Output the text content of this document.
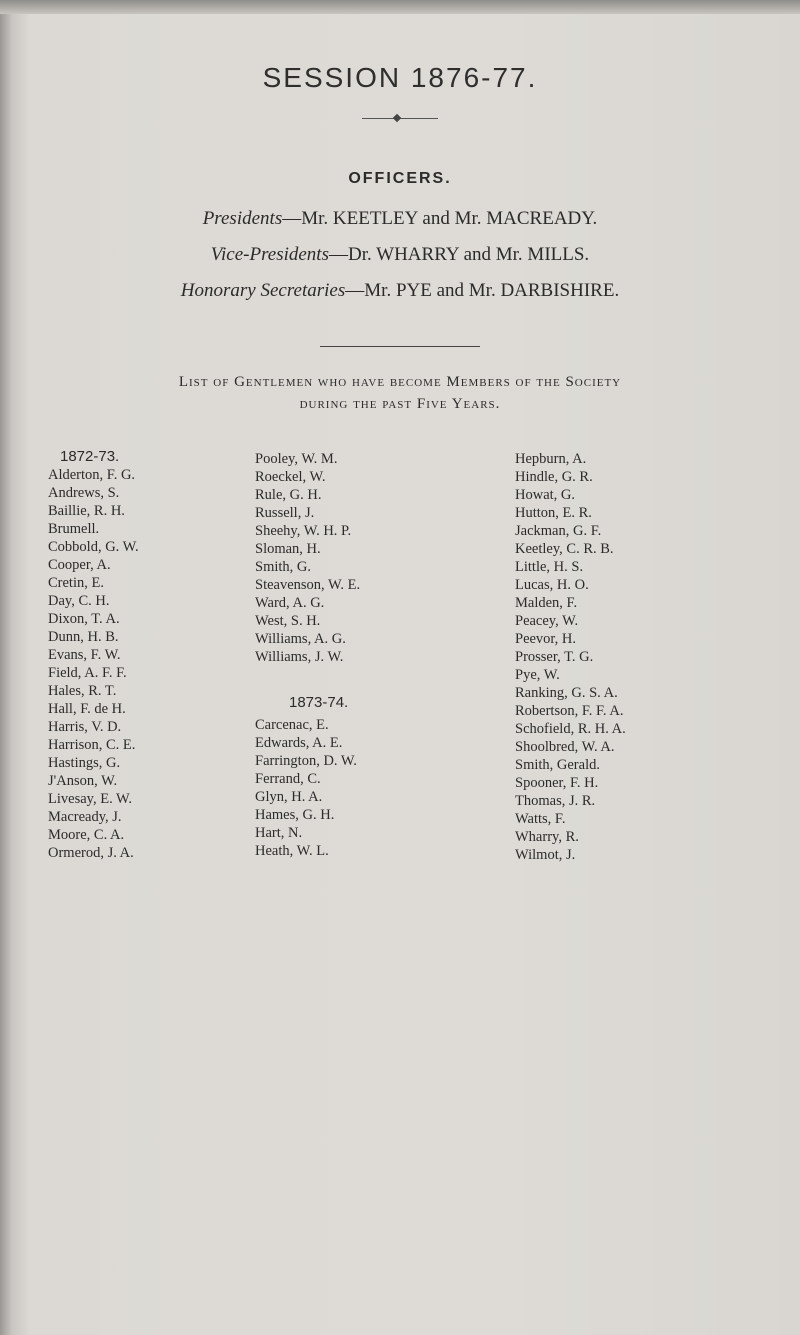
SESSION 1876-77.
OFFICERS.
Presidents—Mr. KEETLEY and Mr. MACREADY.
Vice-Presidents—Dr. WHARRY and Mr. MILLS.
Honorary Secretaries—Mr. PYE and Mr. DARBISHIRE.
List of Gentlemen who have become Members of the Society
during the past Five Years.
1872-73.
Alderton, F. G.
Andrews, S.
Baillie, R. H.
Brumell.
Cobbold, G. W.
Cooper, A.
Cretin, E.
Day, C. H.
Dixon, T. A.
Dunn, H. B.
Evans, F. W.
Field, A. F. F.
Hales, R. T.
Hall, F. de H.
Harris, V. D.
Harrison, C. E.
Hastings, G.
J'Anson, W.
Livesay, E. W.
Macready, J.
Moore, C. A.
Ormerod, J. A.
Pooley, W. M.
Roeckel, W.
Rule, G. H.
Russell, J.
Sheehy, W. H. P.
Sloman, H.
Smith, G.
Steavenson, W. E.
Ward, A. G.
West, S. H.
Williams, A. G.
Williams, J. W.
1873-74.
Carcenac, E.
Edwards, A. E.
Farrington, D. W.
Ferrand, C.
Glyn, H. A.
Hames, G. H.
Hart, N.
Heath, W. L.
Hepburn, A.
Hindle, G. R.
Howat, G.
Hutton, E. R.
Jackman, G. F.
Keetley, C. R. B.
Little, H. S.
Lucas, H. O.
Malden, F.
Peacey, W.
Peevor, H.
Prosser, T. G.
Pye, W.
Ranking, G. S. A.
Robertson, F. F. A.
Schofield, R. H. A.
Shoolbred, W. A.
Smith, Gerald.
Spooner, F. H.
Thomas, J. R.
Watts, F.
Wharry, R.
Wilmot, J.
